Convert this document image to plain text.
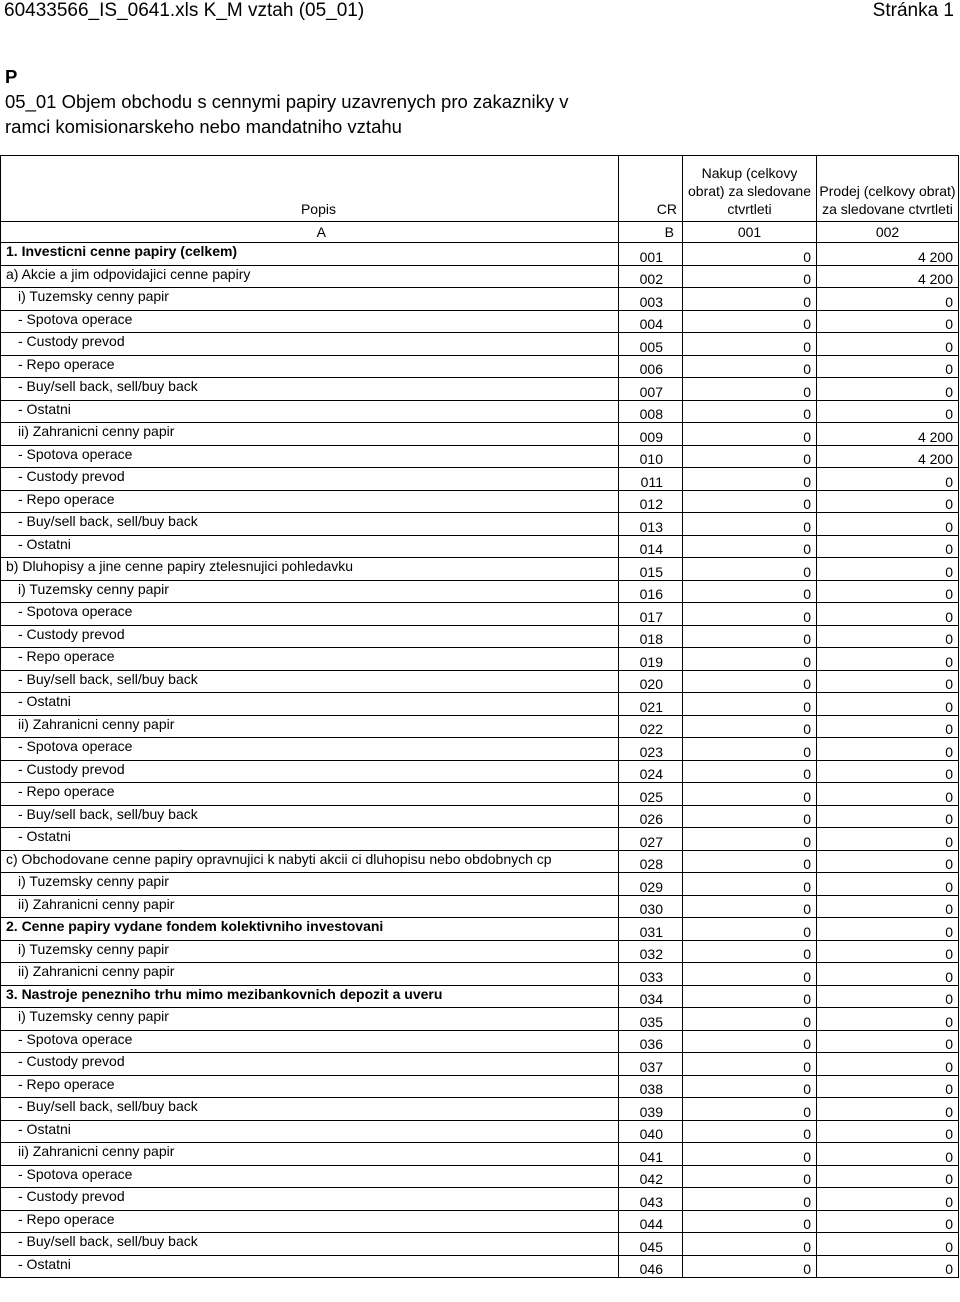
60433566_IS_0641.xls K_M vztah (05_01)	Stránka 1
P
05_01 Objem obchodu s cennymi papiry uzavrenych pro zakazniky v
ramci komisionarskeho nebo mandatniho vztahu
Popis	CR	Nakup (celkovy obrat) za sledovane ctvrtleti	Prodej (celkovy obrat) za sledovane ctvrtleti
A	B	001	002
1. Investicni cenne papiry (celkem)	001	0	4 200
a) Akcie a jim odpovidajici cenne papiry	002	0	4 200
i) Tuzemsky cenny papir	003	0	0
- Spotova operace	004	0	0
- Custody prevod	005	0	0
- Repo operace	006	0	0
- Buy/sell back, sell/buy back	007	0	0
- Ostatni	008	0	0
ii) Zahranicni cenny papir	009	0	4 200
- Spotova operace	010	0	4 200
- Custody prevod	011	0	0
- Repo operace	012	0	0
- Buy/sell back, sell/buy back	013	0	0
- Ostatni	014	0	0
b) Dluhopisy a jine cenne papiry ztelesnujici pohledavku	015	0	0
i) Tuzemsky cenny papir	016	0	0
- Spotova operace	017	0	0
- Custody prevod	018	0	0
- Repo operace	019	0	0
- Buy/sell back, sell/buy back	020	0	0
- Ostatni	021	0	0
ii) Zahranicni cenny papir	022	0	0
- Spotova operace	023	0	0
- Custody prevod	024	0	0
- Repo operace	025	0	0
- Buy/sell back, sell/buy back	026	0	0
- Ostatni	027	0	0
c) Obchodovane cenne papiry opravnujici k nabyti akcii ci dluhopisu nebo obdobnych cp	028	0	0
i) Tuzemsky cenny papir	029	0	0
ii) Zahranicni cenny papir	030	0	0
2. Cenne papiry vydane fondem kolektivniho investovani	031	0	0
i) Tuzemsky cenny papir	032	0	0
ii) Zahranicni cenny papir	033	0	0
3. Nastroje penezniho trhu mimo mezibankovnich depozit a uveru	034	0	0
i) Tuzemsky cenny papir	035	0	0
- Spotova operace	036	0	0
- Custody prevod	037	0	0
- Repo operace	038	0	0
- Buy/sell back, sell/buy back	039	0	0
- Ostatni	040	0	0
ii) Zahranicni cenny papir	041	0	0
- Spotova operace	042	0	0
- Custody prevod	043	0	0
- Repo operace	044	0	0
- Buy/sell back, sell/buy back	045	0	0
- Ostatni	046	0	0
